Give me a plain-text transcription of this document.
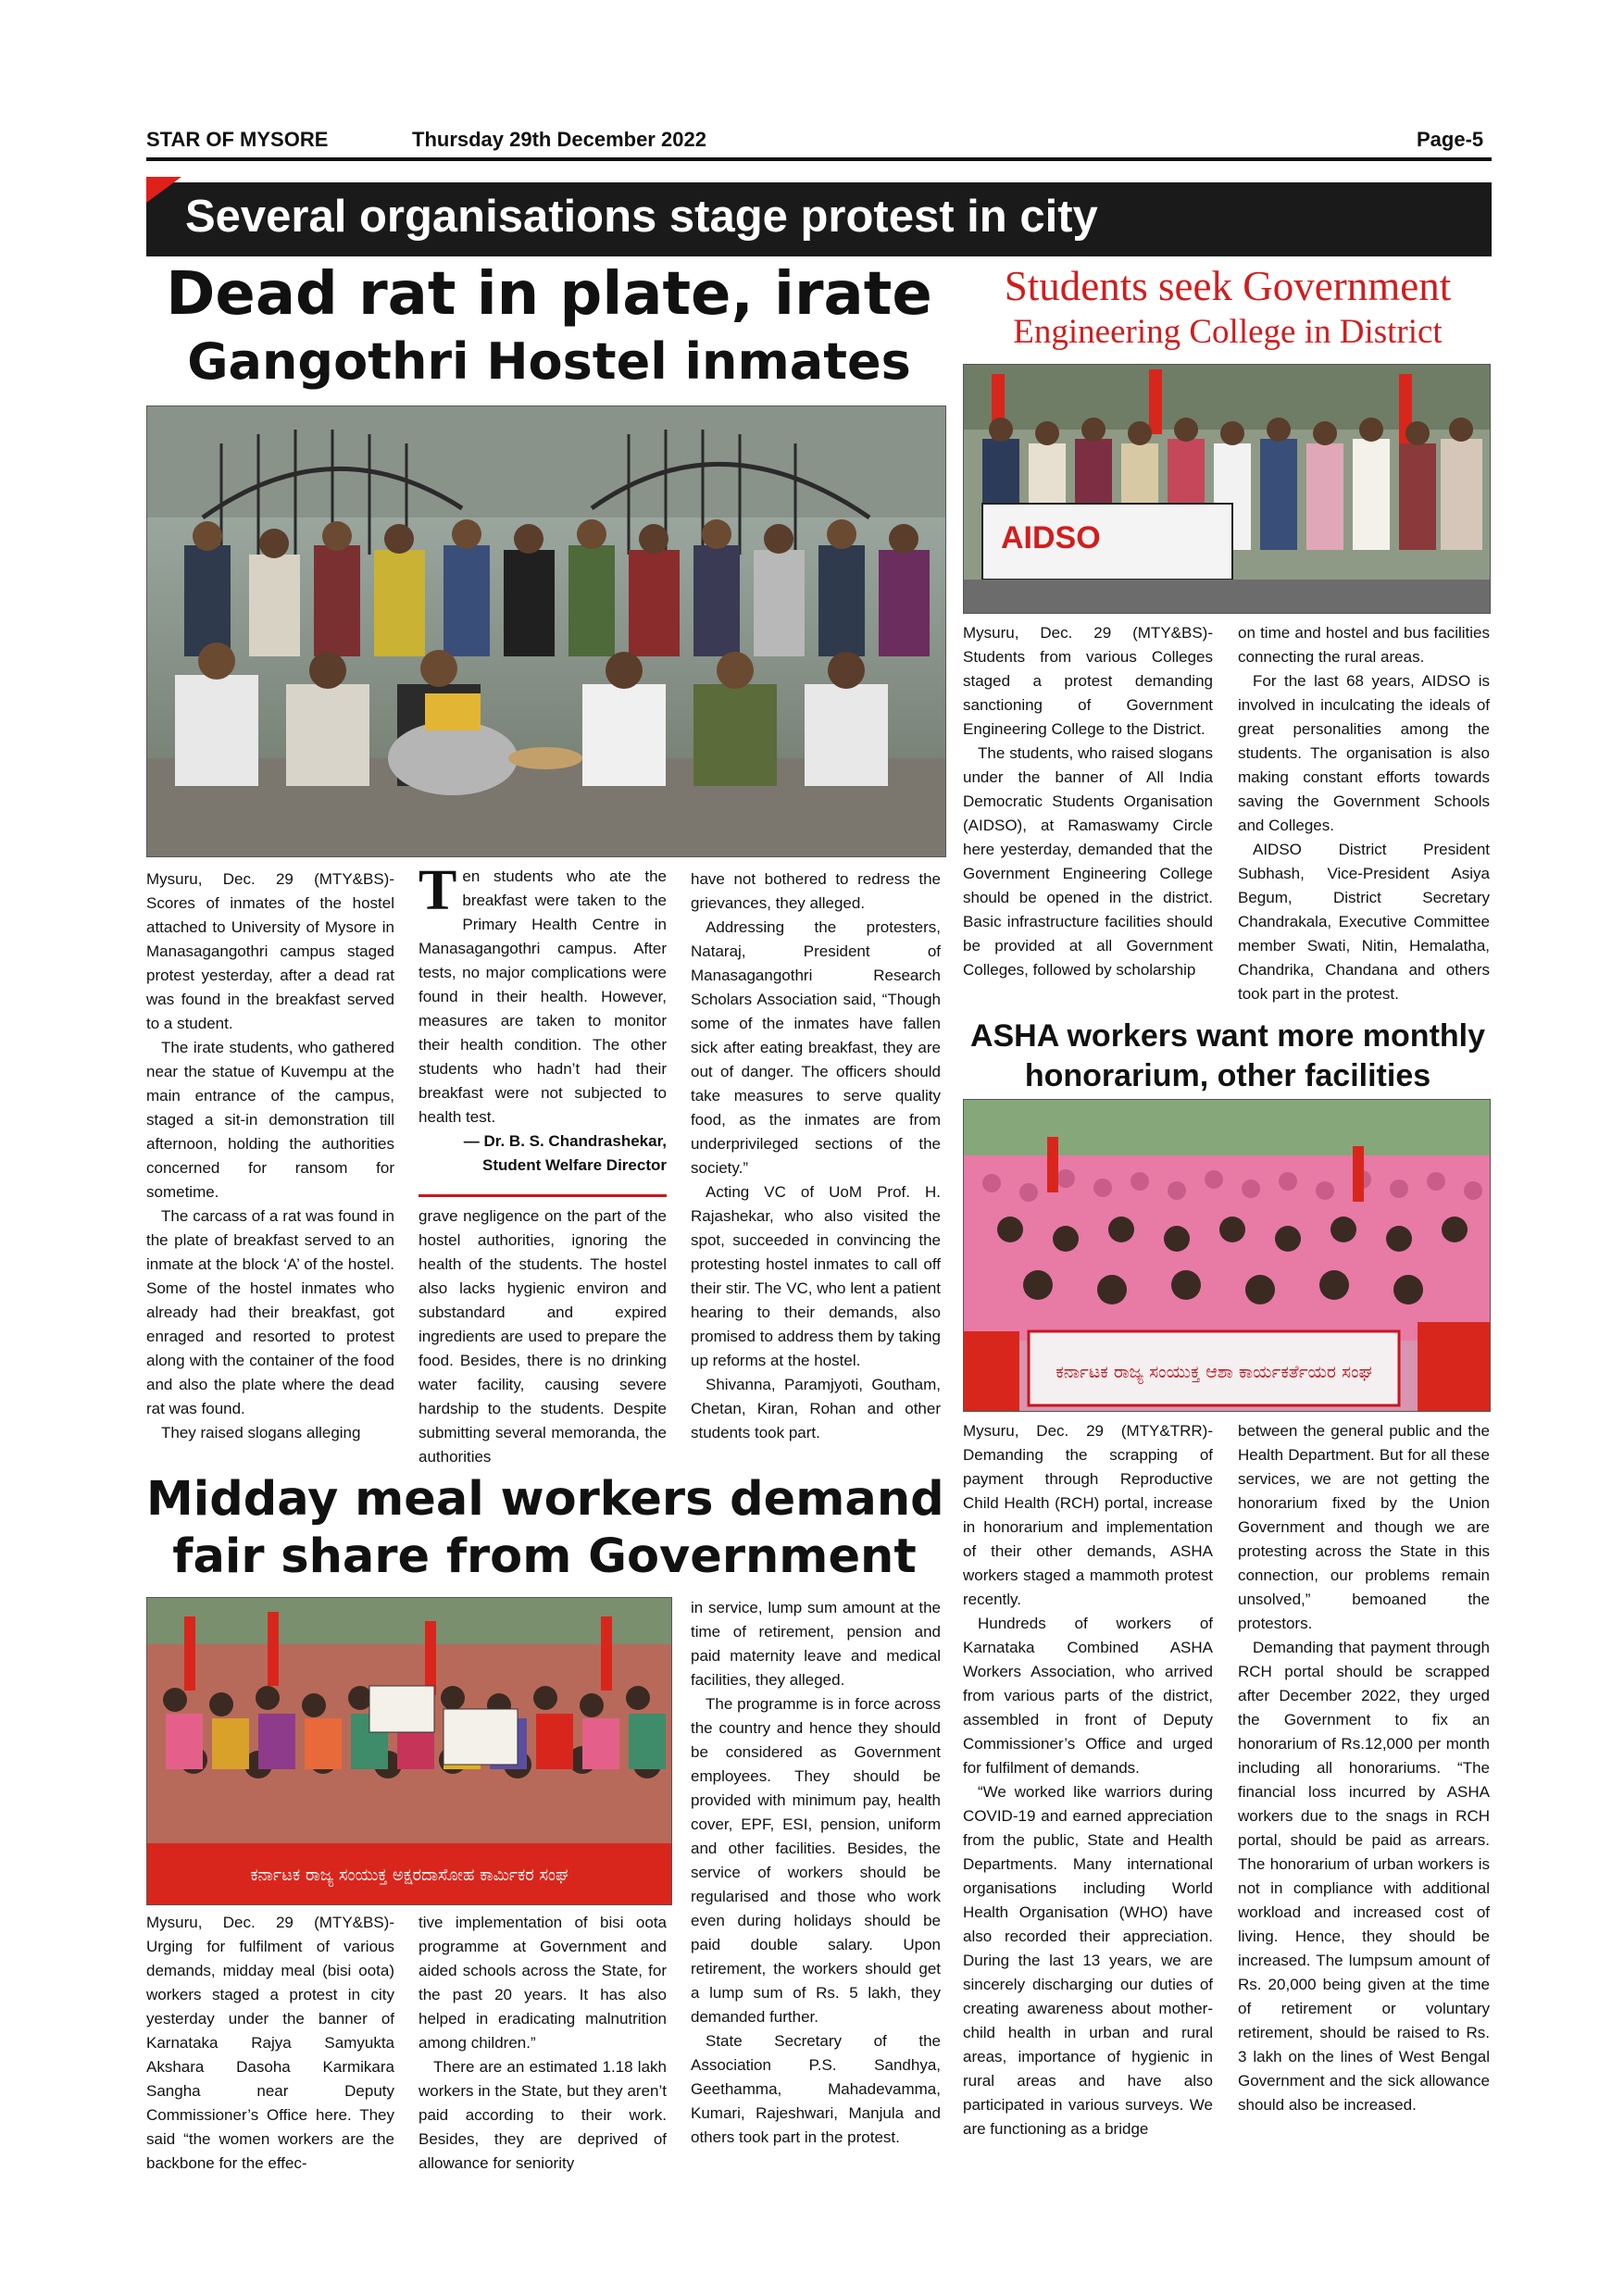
STAR OF MYSORE	Thursday 29th December 2022	Page-5
Several organisations stage protest in city
Dead rat in plate, irate
Gangothri Hostel inmates

Mysuru, Dec. 29 (MTY&BS)- Scores of inmates of the hostel attached to University of Mysore in Manasagangothri campus staged protest yesterday, after a dead rat was found in the breakfast served to a student.

The irate students, who gathered near the statue of Kuvempu at the main entrance of the campus, staged a sit-in demonstration till afternoon, holding the authorities concerned for ransom for sometime.

The carcass of a rat was found in the plate of breakfast served to an inmate at the block ‘A’ of the hostel. Some of the hostel inmates who already had their breakfast, got enraged and resorted to protest along with the container of the food and also the plate where the dead rat was found.

They raised slogans alleging

Ten students who ate the breakfast were taken to the Primary Health Centre in Manasagangothri campus. After tests, no major complications were found in their health. However, measures are taken to monitor their health condition. The other students who hadn’t had their breakfast were not subjected to health test.

— Dr. B. S. Chandrashekar,
Student Welfare Director

grave negligence on the part of the hostel authorities, ignoring the health of the students. The hostel also lacks hygienic environ and substandard and expired ingredients are used to prepare the food. Besides, there is no drinking water facility, causing severe hardship to the students. Despite submitting several memoranda, the authorities

have not bothered to redress the grievances, they alleged.

Addressing the protesters, Nataraj, President of Manasagangothri Research Scholars Association said, “Though some of the inmates have fallen sick after eating breakfast, they are out of danger. The officers should take measures to serve quality food, as the inmates are from underprivileged sections of the society.”

Acting VC of UoM Prof. H. Rajashekar, who also visited the spot, succeeded in convincing the protesting hostel inmates to call off their stir. The VC, who lent a patient hearing to their demands, also promised to address them by taking up reforms at the hostel.

Shivanna, Paramjyoti, Goutham, Chetan, Kiran, Rohan and other students took part.

Students seek Government
Engineering College in District
AIDSO

Mysuru, Dec. 29 (MTY&BS)- Students from various Colleges staged a protest demanding sanctioning of Government Engineering College to the District.

The students, who raised slogans under the banner of All India Democratic Students Organisation (AIDSO), at Ramaswamy Circle here yesterday, demanded that the Government Engineering College should be opened in the district. Basic infrastructure facilities should be provided at all Government Colleges, followed by scholarship

on time and hostel and bus facilities connecting the rural areas.

For the last 68 years, AIDSO is involved in inculcating the ideals of great personalities among the students. The organisation is also making constant efforts towards saving the Government Schools and Colleges.

AIDSO District President Subhash, Vice-President Asiya Begum, District Secretary Chandrakala, Executive Committee member Swati, Nitin, Hemalatha, Chandrika, Chandana and others took part in the protest.

ASHA workers want more monthly
honorarium, other facilities
ಕರ್ನಾಟಕ ರಾಜ್ಯ ಸಂಯುಕ್ತ ಆಶಾ ಕಾರ್ಯಕರ್ತೆಯರ ಸಂಘ

Mysuru, Dec. 29 (MTY&TRR)- Demanding the scrapping of payment through Reproductive Child Health (RCH) portal, increase in honorarium and implementation of their other demands, ASHA workers staged a mammoth protest recently.

Hundreds of workers of Karnataka Combined ASHA Workers Association, who arrived from various parts of the district, assembled in front of Deputy Commissioner’s Office and urged for fulfilment of demands.

“We worked like warriors during COVID-19 and earned appreciation from the public, State and Health Departments. Many international organisations including World Health Organisation (WHO) have also recorded their appreciation. During the last 13 years, we are sincerely discharging our duties of creating awareness about mother-child health in urban and rural areas, importance of hygienic in rural areas and have also participated in various surveys. We are functioning as a bridge

between the general public and the Health Department. But for all these services, we are not getting the honorarium fixed by the Union Government and though we are protesting across the State in this connection, our problems remain unsolved,” bemoaned the protestors.

Demanding that payment through RCH portal should be scrapped after December 2022, they urged the Government to fix an honorarium of Rs.12,000 per month including all honorariums. “The financial loss incurred by ASHA workers due to the snags in RCH portal, should be paid as arrears. The honorarium of urban workers is not in compliance with additional workload and increased cost of living. Hence, they should be increased. The lumpsum amount of Rs. 20,000 being given at the time of retirement or voluntary retirement, should be raised to Rs. 3 lakh on the lines of West Bengal Government and the sick allowance should also be increased.

Midday meal workers demand
fair share from Government
ಕರ್ನಾಟಕ ರಾಜ್ಯ ಸಂಯುಕ್ತ ಅಕ್ಷರದಾಸೋಹ ಕಾರ್ಮಿಕರ ಸಂಘ

Mysuru, Dec. 29 (MTY&BS)- Urging for fulfilment of various demands, midday meal (bisi oota) workers staged a protest in city yesterday under the banner of Karnataka Rajya Samyukta Akshara Dasoha Karmikara Sangha near Deputy Commissioner’s Office here. They said “the women workers are the backbone for the effec-

tive implementation of bisi oota programme at Government and aided schools across the State, for the past 20 years. It has also helped in eradicating malnutrition among children.”

There are an estimated 1.18 lakh workers in the State, but they aren’t paid according to their work. Besides, they are deprived of allowance for seniority

in service, lump sum amount at the time of retirement, pension and paid maternity leave and medical facilities, they alleged.

The programme is in force across the country and hence they should be considered as Government employees. They should be provided with minimum pay, health cover, EPF, ESI, pension, uniform and other facilities. Besides, the service of workers should be regularised and those who work even during holidays should be paid double salary. Upon retirement, the workers should get a lump sum of Rs. 5 lakh, they demanded further.

State Secretary of the Association P.S. Sandhya, Geethamma, Mahadevamma, Kumari, Rajeshwari, Manjula and others took part in the protest.
